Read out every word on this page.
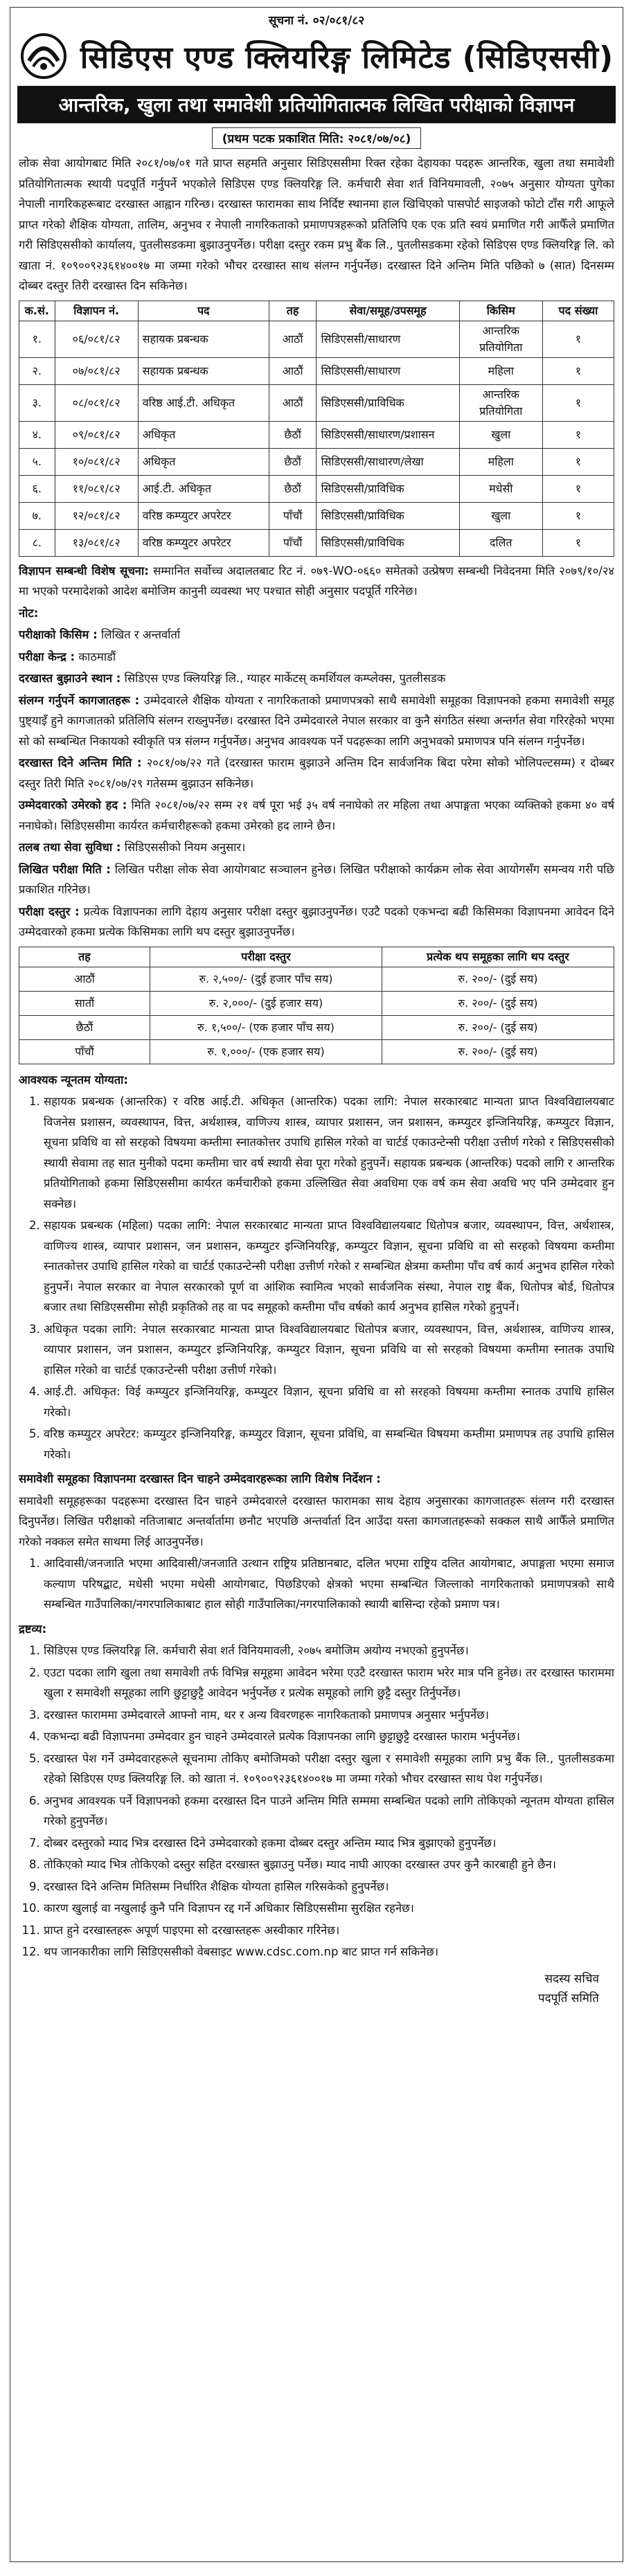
सूचना नं. ०२/०८१/८२
सिडिएस एण्ड क्लियरिङ्ग लिमिटेड (सिडिएससी)
आन्तरिक, खुला तथा समावेशी प्रतियोगितात्मक लिखित परीक्षाको विज्ञापन
(प्रथम पटक प्रकाशित मिति: २०८१/०७/०८)

लोक सेवा आयोगबाट मिति २०८१/०७/०१ गते प्राप्त सहमति अनुसार सिडिएससीमा रिक्त रहेका देहायका पदहरू आन्तरिक, खुला तथा समावेशी प्रतियोगितात्मक स्थायी पदपूर्ति गर्नुपर्ने भएकोले सिडिएस एण्ड क्लियरिङ्ग लि. कर्मचारी सेवा शर्त विनियमावली, २०७५ अनुसार योग्यता पुगेका नेपाली नागरिकहरूबाट दरखास्त आह्वान गरिन्छ। दरखास्त फारामका साथ निर्दिष्ट स्थानमा हाल खिचिएको पासपोर्ट साइजको फोटो टाँस गरी आफूले प्राप्त गरेको शैक्षिक योग्यता, तालिम, अनुभव र नेपाली नागरिकताको प्रमाणपत्रहरूको प्रतिलिपि एक एक प्रति स्वयं प्रमाणित गरी आफैँले प्रमाणित गरी सिडिएससीको कार्यालय, पुतलीसडकमा बुझाउनुपर्नेछ। परीक्षा दस्तुर रकम प्रभु बैंक लि., पुतलीसडकमा रहेको सिडिएस एण्ड क्लियरिङ्ग लि. को खाता नं. १०९००९२३६१४००१७ मा जम्मा गरेको भौचर दरखास्त साथ संलग्न गर्नुपर्नेछ। दरखास्त दिने अन्तिम मिति पछिको ७ (सात) दिनसम्म दोब्बर दस्तुर तिरी दरखास्त दिन सकिनेछ।

क.सं.	विज्ञापन नं.	पद	तह	सेवा/समूह/उपसमूह	किसिम	पद संख्या
१.	०६/०८१/८२	सहायक प्रबन्धक	आठौं	सिडिएससी/साधारण	आन्तरिक प्रतियोगिता	१
२.	०७/०८१/८२	सहायक प्रबन्धक	आठौं	सिडिएससी/साधारण	महिला	१
३.	०८/०८१/८२	वरिष्ठ आई.टी. अधिकृत	आठौं	सिडिएससी/प्राविधिक	आन्तरिक प्रतियोगिता	१
४.	०९/०८१/८२	अधिकृत	छैठौं	सिडिएससी/साधारण/प्रशासन	खुला	१
५.	१०/०८१/८२	अधिकृत	छैठौं	सिडिएससी/साधारण/लेखा	महिला	१
६.	११/०८१/८२	आई.टी. अधिकृत	छैठौं	सिडिएससी/प्राविधिक	मधेसी	१
७.	१२/०८१/८२	वरिष्ठ कम्प्युटर अपरेटर	पाँचौं	सिडिएससी/प्राविधिक	खुला	१
८.	१३/०८१/८२	वरिष्ठ कम्प्युटर अपरेटर	पाँचौं	सिडिएससी/प्राविधिक	दलित	१

विज्ञापन सम्बन्धी विशेष सूचना: सम्मानित सर्वोच्च अदालतबाट रिट नं. ०७९-WO-०६६० समेतको उत्प्रेषण सम्बन्धी निवेदनमा मिति २०७९/१०/२४ मा भएको परमादेशको आदेश बमोजिम कानुनी व्यवस्था भए पश्चात सोही अनुसार पदपूर्ति गरिनेछ।

नोट:

परीक्षाको किसिम : लिखित र अन्तर्वार्ता

परीक्षा केन्द्र : काठमाडौं

दरखास्त बुझाउने स्थान : सिडिएस एण्ड क्लियरिङ्ग लि., ग्याहर मार्केटस् कमर्शियल कम्प्लेक्स, पुतलीसडक

संलग्न गर्नुपर्ने कागजातहरू : उम्मेदवारले शैक्षिक योग्यता र नागरिकताको प्रमाणपत्रको साथै समावेशी समूहका विज्ञापनको हकमा समावेशी समूह पुष्ट्याइँ हुने कागजातको प्रतिलिपि संलग्न राख्नुपर्नेछ। दरखास्त दिने उम्मेदवारले नेपाल सरकार वा कुनै संगठित संस्था अन्तर्गत सेवा गरिरहेको भएमा सो को सम्बन्धित निकायको स्वीकृति पत्र संलग्न गर्नुपर्नेछ। अनुभव आवश्यक पर्ने पदहरूका लागि अनुभवको प्रमाणपत्र पनि संलग्न गर्नुपर्नेछ।

दरखास्त दिने अन्तिम मिति : २०८१/०७/२२ गते (दरखास्त फाराम बुझाउने अन्तिम दिन सार्वजनिक बिदा परेमा सोको भोलिपल्टसम्म) र दोब्बर दस्तुर तिरी मिति २०८१/०७/२९ गतेसम्म बुझाउन सकिनेछ।

उम्मेदवारको उमेरको हद : मिति २०८१/०७/२२ सम्म २१ वर्ष पूरा भई ३५ वर्ष ननाघेको तर महिला तथा अपाङ्गता भएका व्यक्तिको हकमा ४० वर्ष ननाघेको। सिडिएससीमा कार्यरत कर्मचारीहरूको हकमा उमेरको हद लाग्ने छैन।

तलब तथा सेवा सुविधा : सिडिएससीको नियम अनुसार।

लिखित परीक्षा मिति : लिखित परीक्षा लोक सेवा आयोगबाट सञ्चालन हुनेछ। लिखित परीक्षाको कार्यक्रम लोक सेवा आयोगसँग समन्वय गरी पछि प्रकाशित गरिनेछ।

परीक्षा दस्तुर : प्रत्येक विज्ञापनका लागि देहाय अनुसार परीक्षा दस्तुर बुझाउनुपर्नेछ। एउटै पदको एकभन्दा बढी किसिमका विज्ञापनमा आवेदन दिने उम्मेदवारको हकमा प्रत्येक किसिमका लागि थप दस्तुर बुझाउनुपर्नेछ।

तह	परीक्षा दस्तुर	प्रत्येक थप समूहका लागि थप दस्तुर
आठौं	रु. २,५००/- (दुई हजार पाँच सय)	रु. २००/- (दुई सय)
सातौं	रु. २,०००/- (दुई हजार सय)	रु. २००/- (दुई सय)
छैठौं	रु. १,५००/- (एक हजार पाँच सय)	रु. २००/- (दुई सय)
पाँचौं	रु. १,०००/- (एक हजार सय)	रु. २००/- (दुई सय)

आवश्यक न्यूनतम योग्यता:

1. सहायक प्रबन्धक (आन्तरिक) र वरिष्ठ आई.टी. अधिकृत (आन्तरिक) पदका लागि: नेपाल सरकारबाट मान्यता प्राप्त विश्वविद्यालयबाट विजनेस प्रशासन, व्यवस्थापन, वित्त, अर्थशास्त्र, वाणिज्य शास्त्र, व्यापार प्रशासन, जन प्रशासन, कम्प्युटर इन्जिनियरिङ्ग, कम्प्युटर विज्ञान, सूचना प्रविधि वा सो सरहको विषयमा कम्तीमा स्नातकोत्तर उपाधि हासिल गरेको वा चार्टर्ड एकाउन्टेन्सी परीक्षा उत्तीर्ण गरेको र सिडिएससीको स्थायी सेवामा तह सात मुनीको पदमा कम्तीमा चार वर्ष स्थायी सेवा पूरा गरेको हुनुपर्ने। सहायक प्रबन्धक (आन्तरिक) पदको लागि र आन्तरिक प्रतियोगिताको हकमा सिडिएससीमा कार्यरत कर्मचारीको हकमा उल्लिखित सेवा अवधिमा एक वर्ष कम सेवा अवधि भए पनि उम्मेदवार हुन सक्नेछ।
2. सहायक प्रबन्धक (महिला) पदका लागि: नेपाल सरकारबाट मान्यता प्राप्त विश्वविद्यालयबाट धितोपत्र बजार, व्यवस्थापन, वित्त, अर्थशास्त्र, वाणिज्य शास्त्र, व्यापार प्रशासन, जन प्रशासन, कम्प्युटर इन्जिनियरिङ्ग, कम्प्युटर विज्ञान, सूचना प्रविधि वा सो सरहको विषयमा कम्तीमा स्नातकोत्तर उपाधि हासिल गरेको वा चार्टर्ड एकाउन्टेन्सी परीक्षा उत्तीर्ण गरेको र सम्बन्धित क्षेत्रमा कम्तीमा पाँच वर्ष कार्य अनुभव हासिल गरेको हुनुपर्ने। नेपाल सरकार वा नेपाल सरकारको पूर्ण वा आंशिक स्वामित्व भएको सार्वजनिक संस्था, नेपाल राष्ट्र बैंक, धितोपत्र बोर्ड, धितोपत्र बजार तथा सिडिएससीमा सोही प्रकृतिको तह वा पद समूहको कम्तीमा पाँच वर्षको कार्य अनुभव हासिल गरेको हुनुपर्ने।
3. अधिकृत पदका लागि: नेपाल सरकारबाट मान्यता प्राप्त विश्वविद्यालयबाट धितोपत्र बजार, व्यवस्थापन, वित्त, अर्थशास्त्र, वाणिज्य शास्त्र, व्यापार प्रशासन, जन प्रशासन, कम्प्युटर इन्जिनियरिङ्ग, कम्प्युटर विज्ञान, सूचना प्रविधि वा सो सरहको विषयमा कम्तीमा स्नातक उपाधि हासिल गरेको वा चार्टर्ड एकाउन्टेन्सी परीक्षा उत्तीर्ण गरेको।
4. आई.टी. अधिकृत: विई कम्प्युटर इन्जिनियरिङ्ग, कम्प्युटर विज्ञान, सूचना प्रविधि वा सो सरहको विषयमा कम्तीमा स्नातक उपाधि हासिल गरेको।
5. वरिष्ठ कम्प्युटर अपरेटर: कम्प्युटर इन्जिनियरिङ्ग, कम्प्युटर विज्ञान, सूचना प्रविधि, वा सम्बन्धित विषयमा कम्तीमा प्रमाणपत्र तह उपाधि हासिल गरेको।

समावेशी समूहका विज्ञापनमा दरखास्त दिन चाहने उम्मेदवारहरूका लागि विशेष निर्देशन :

समावेशी समूहहरूका पदहरूमा दरखास्त दिन चाहने उम्मेदवारले दरखास्त फारामका साथ देहाय अनुसारका कागजातहरू संलग्न गरी दरखास्त दिनुपर्नेछ। लिखित परीक्षाको नतिजाबाट अन्तर्वार्तामा छनौट भएपछि अन्तर्वार्ता दिन आउँदा यस्ता कागजातहरूको सक्कल साथै आफैँले प्रमाणित गरेको नक्कल समेत साथमा लिई आउनुपर्नेछ।

1. आदिवासी/जनजाति भएमा आदिवासी/जनजाति उत्थान राष्ट्रिय प्रतिष्ठानबाट, दलित भएमा राष्ट्रिय दलित आयोगबाट, अपाङ्गता भएमा समाज कल्याण परिषद्बाट, मधेसी भएमा मधेसी आयोगबाट, पिछडिएको क्षेत्रको भएमा सम्बन्धित जिल्लाको नागरिकताको प्रमाणपत्रको साथै सम्बन्धित गाउँपालिका/नगरपालिकाबाट हाल सोही गाउँपालिका/नगरपालिकाको स्थायी बासिन्दा रहेको प्रमाण पत्र।

द्रष्टव्य:

1. सिडिएस एण्ड क्लियरिङ्ग लि. कर्मचारी सेवा शर्त विनियमावली, २०७५ बमोजिम अयोग्य नभएको हुनुपर्नेछ।
2. एउटा पदका लागि खुला तथा समावेशी तर्फ विभिन्न समूहमा आवेदन भरेमा एउटै दरखास्त फाराम भरेर मात्र पनि हुनेछ। तर दरखास्त फाराममा खुला र समावेशी समूहका लागि छुट्टाछुट्टै आवेदन भर्नुपर्नेछ र प्रत्येक समूहको लागि छुट्टै दस्तुर तिर्नुपर्नेछ।
3. दरखास्त फाराममा उम्मेदवारले आफ्नो नाम, थर र अन्य विवरणहरू नागरिकताको प्रमाणपत्र अनुसार भर्नुपर्नेछ।
4. एकभन्दा बढी विज्ञापनमा उम्मेदवार हुन चाहने उम्मेदवारले प्रत्येक विज्ञापनका लागि छुट्टाछुट्टै दरखास्त फाराम भर्नुपर्नेछ।
5. दरखास्त पेश गर्ने उम्मेदवारहरूले सूचनामा तोकिए बमोजिमको परीक्षा दस्तुर खुला र समावेशी समूहका लागि प्रभु बैंक लि., पुतलीसडकमा रहेको सिडिएस एण्ड क्लियरिङ्ग लि. को खाता नं. १०९००९२३६१४००१७ मा जम्मा गरेको भौचर दरखास्त साथ पेश गर्नुपर्नेछ।
6. अनुभव आवश्यक पर्ने विज्ञापनको हकमा दरखास्त दिन पाउने अन्तिम मिति सम्ममा सम्बन्धित पदको लागि तोकिएको न्यूनतम योग्यता हासिल गरेको हुनुपर्नेछ।
7. दोब्बर दस्तुरको म्याद भित्र दरखास्त दिने उम्मेदवारको हकमा दोब्बर दस्तुर अन्तिम म्याद भित्र बुझाएको हुनुपर्नेछ।
8. तोकिएको म्याद भित्र तोकिएको दस्तुर सहित दरखास्त बुझाउनु पर्नेछ। म्याद नाघी आएका दरखास्त उपर कुनै कारबाही हुने छैन।
9. दरखास्त दिने अन्तिम मितिसम्म निर्धारित शैक्षिक योग्यता हासिल गरिसकेको हुनुपर्नेछ।
10. कारण खुलाई वा नखुलाई कुनै पनि विज्ञापन रद्द गर्ने अधिकार सिडिएससीमा सुरक्षित रहनेछ।
11. प्राप्त हुने दरखास्तहरू अपूर्ण पाइएमा सो दरखास्तहरू अस्वीकार गरिनेछ।
12. थप जानकारीका लागि सिडिएससीको वेबसाइट www.cdsc.com.np बाट प्राप्त गर्न सकिनेछ।
सदस्य सचिव
पदपूर्ति समिति
